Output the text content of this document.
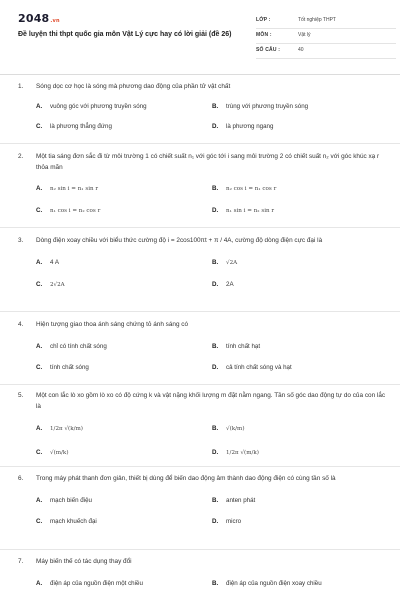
2048.vn
Đề luyện thi thpt quốc gia môn Vật Lý cực hay có lời giải (đề 26)
LỚP :	Tốt nghiệp THPT
MÔN :	Vật lý
SỐ CÂU :	40
1. Sóng dọc cơ học là sóng mà phương dao động của phần tử vật chất
A. vuông góc với phương truyền sóng	B. trùng với phương truyền sóng
C. là phương thẳng đứng	D. là phương ngang
2. Một tia sáng đơn sắc đi từ môi trường 1 có chiết suất n₁ với góc tới i sang môi trường 2 có chiết suất n₂ với góc khúc xạ r thỏa mãn
A. n₂ sin i = n₁ sin r	B. n₂ cos i = n₁ cos r
C. n₁ cos i = n₂ cos r	D. n₁ sin i = n₂ sin r
3. Dòng điện xoay chiều với biểu thức cường độ i = 2cos100πt + π / 4A, cường độ dòng điện cực đại là
A. 4 A	B. √2A
C. 2√2A	D. 2A
4. Hiện tượng giao thoa ánh sáng chứng tỏ ánh sáng có
A. chỉ có tính chất sóng	B. tính chất hạt
C. tính chất sóng	D. cả tính chất sóng và hạt
5. Một con lắc lò xo gồm lò xo có độ cứng k và vật nặng khối lượng m đặt nằm ngang. Tần số góc dao động tự do của con lắc là
A. 1/2π √(k/m)	B. √(k/m)
C. √(m/k)	D. 1/2π √(m/k)
6. Trong máy phát thanh đơn giản, thiết bị dùng để biến dao động âm thành dao động điện có cùng tần số là
A. mạch biến điệu	B. anten phát
C. mạch khuếch đại	D. micro
7. Máy biến thế có tác dụng thay đổi
A. điện áp của nguồn điện một chiều	B. điện áp của nguồn điện xoay chiều
